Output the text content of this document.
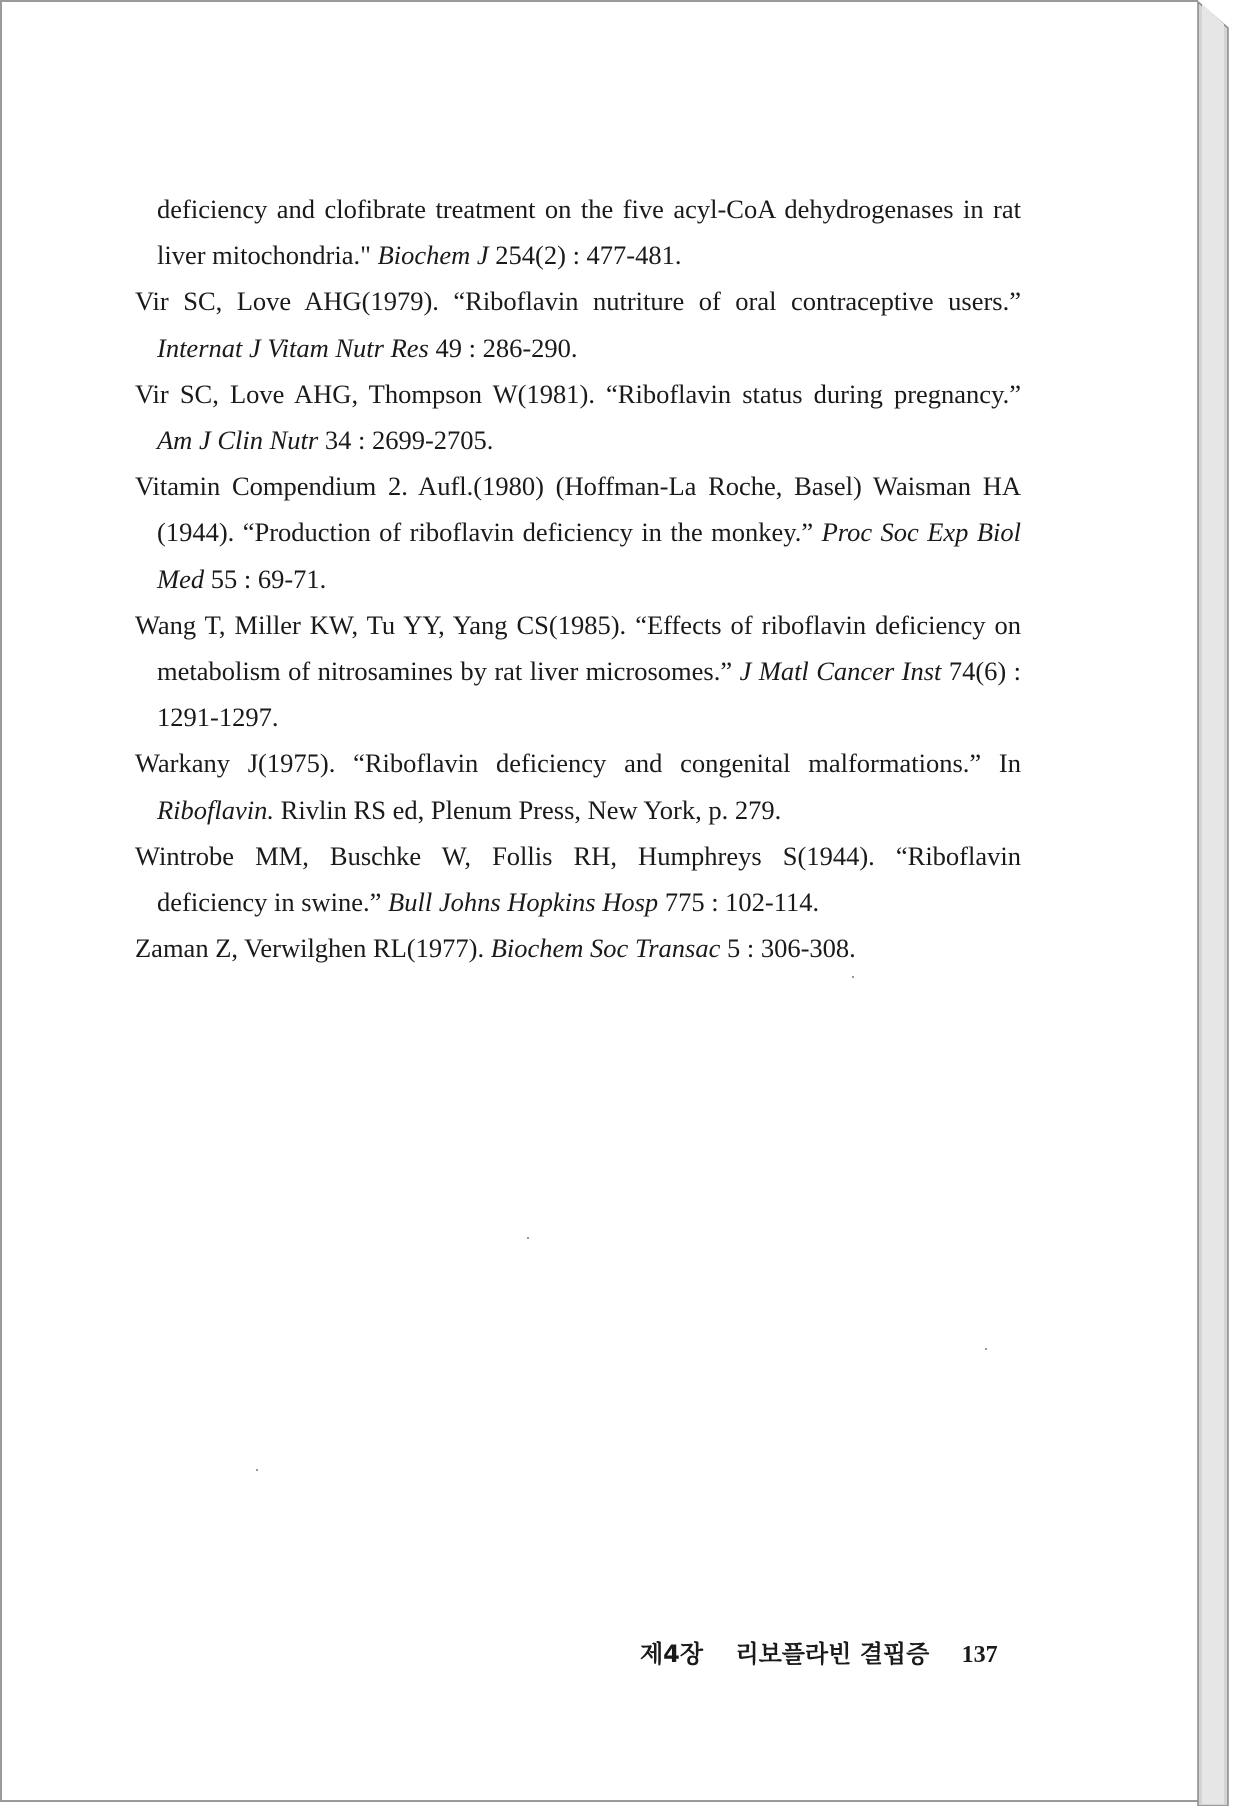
deficiency and clofibrate treatment on the five acyl-CoA dehydrogenases in rat liver mitochondria." Biochem J 254(2) : 477-481.

Vir SC, Love AHG(1979). “Riboflavin nutriture of oral contraceptive users.” Internat J Vitam Nutr Res 49 : 286-290.

Vir SC, Love AHG, Thompson W(1981). “Riboflavin status during pregnancy.” Am J Clin Nutr 34 : 2699-2705.

Vitamin Compendium 2. Aufl.(1980) (Hoffman-La Roche, Basel) Waisman HA (1944). “Production of riboflavin deficiency in the monkey.” Proc Soc Exp Biol Med 55 : 69-71.

Wang T, Miller KW, Tu YY, Yang CS(1985). “Effects of riboflavin deficiency on metabolism of nitrosamines by rat liver microsomes.” J Matl Cancer Inst 74(6) : 1291-1297.

Warkany J(1975). “Riboflavin deficiency and congenital malformations.” In Riboflavin. Rivlin RS ed, Plenum Press, New York, p. 279.

Wintrobe MM, Buschke W, Follis RH, Humphreys S(1944). “Riboflavin deficiency in swine.” Bull Johns Hopkins Hosp 775 : 102-114.

Zaman Z, Verwilghen RL(1977). Biochem Soc Transac 5 : 306-308.

제4장 리보플라빈 결핍증 137
